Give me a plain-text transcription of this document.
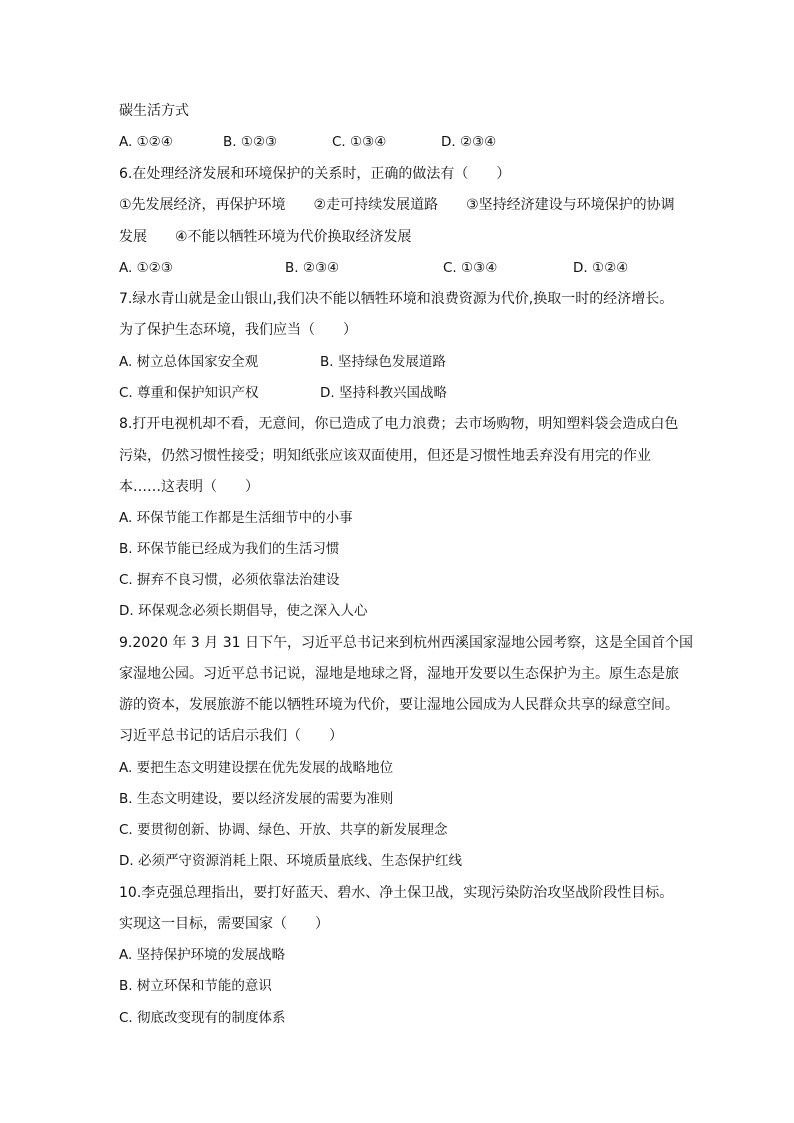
碳生活方式
A. ①②④	B. ①②③	C. ①③④	D. ②③④
6.在处理经济发展和环境保护的关系时，正确的做法有（　　）
①先发展经济，再保护环境　　②走可持续发展道路　　③坚持经济建设与环境保护的协调
发展　　④不能以牺牲环境为代价换取经济发展
A. ①②③	B. ②③④	C. ①③④	D. ①②④
7.绿水青山就是金山银山,我们决不能以牺牲环境和浪费资源为代价,换取一时的经济增长。
为了保护生态环境，我们应当（　　）
A. 树立总体国家安全观	B. 坚持绿色发展道路
C. 尊重和保护知识产权	D. 坚持科教兴国战略
8.打开电视机却不看，无意间，你已造成了电力浪费；去市场购物，明知塑料袋会造成白色
污染，仍然习惯性接受；明知纸张应该双面使用，但还是习惯性地丢弃没有用完的作业
本……这表明（　　）
A. 环保节能工作都是生活细节中的小事
B. 环保节能已经成为我们的生活习惯
C. 摒弃不良习惯，必须依靠法治建设
D. 环保观念必须长期倡导，使之深入人心
9.2020 年 3 月 31 日下午，习近平总书记来到杭州西溪国家湿地公园考察，这是全国首个国
家湿地公园。习近平总书记说，湿地是地球之肾，湿地开发要以生态保护为主。原生态是旅
游的资本，发展旅游不能以牺牲环境为代价，要让湿地公园成为人民群众共享的绿意空间。
习近平总书记的话启示我们（　　）
A. 要把生态文明建设摆在优先发展的战略地位
B. 生态文明建设，要以经济发展的需要为准则
C. 要贯彻创新、协调、绿色、开放、共享的新发展理念
D. 必须严守资源消耗上限、环境质量底线、生态保护红线
10.李克强总理指出，要打好蓝天、碧水、净土保卫战，实现污染防治攻坚战阶段性目标。
实现这一目标，需要国家（　　）
A. 坚持保护环境的发展战略
B. 树立环保和节能的意识
C. 彻底改变现有的制度体系
